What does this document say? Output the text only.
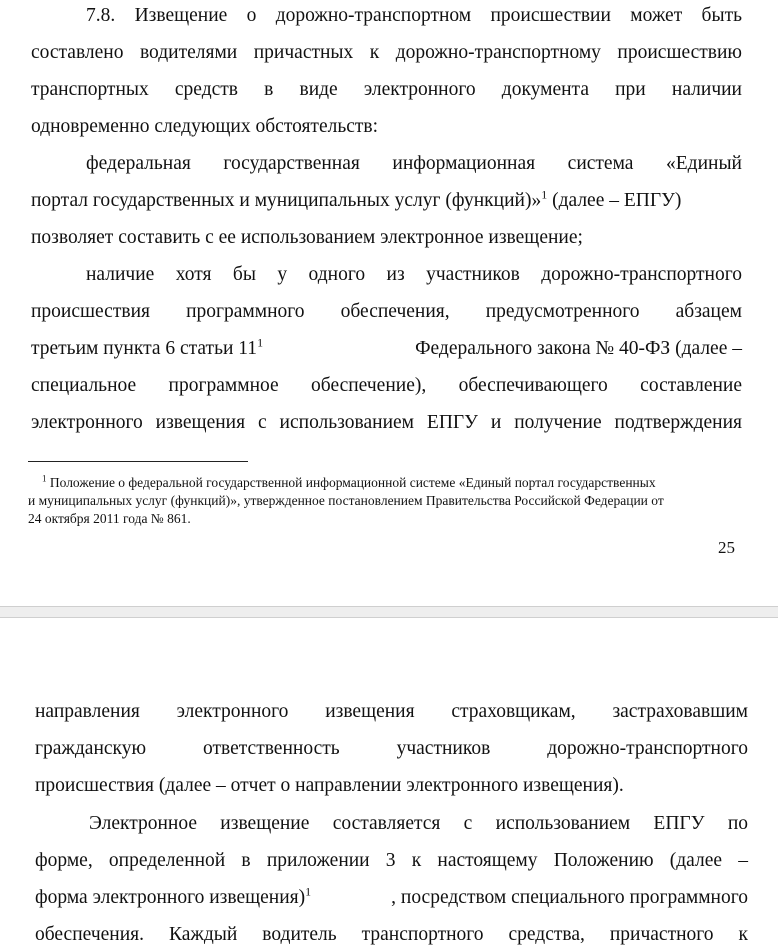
7.8. Извещение о дорожно-транспортном происшествии может быть
составлено водителями причастных к дорожно-транспортному происшествию
транспортных средств в виде электронного документа при наличии
одновременно следующих обстоятельств:
федеральная государственная информационная система «Единый
портал государственных и муниципальных услуг (функций)»$^1$ (далее – ЕПГУ)
позволяет составить с ее использованием электронное извещение;
наличие хотя бы у одного из участников дорожно-транспортного
происшествия программного обеспечения, предусмотренного абзацем
третьим пункта 6 статьи $11^1$	Федерального закона № 40-ФЗ (далее –
специальное программное обеспечение), обеспечивающего составление
электронного извещения с использованием ЕПГУ и получение подтверждения
$^1$ Положение о федеральной государственной информационной системе «Единый портал государственных
и муниципальных услуг (функций)», утвержденное постановлением Правительства Российской Федерации от
24 октября 2011 года № 861.
25
направления электронного извещения страховщикам, застраховавшим
гражданскую ответственность участников дорожно-транспортного
происшествия (далее – отчет о направлении электронного извещения).
Электронное извещение составляется с использованием ЕПГУ по
форме, определенной в приложении 3 к настоящему Положению (далее –
форма электронного извещения)$^1$	, посредством специального программного
обеспечения. Каждый водитель транспортного средства, причастного к
